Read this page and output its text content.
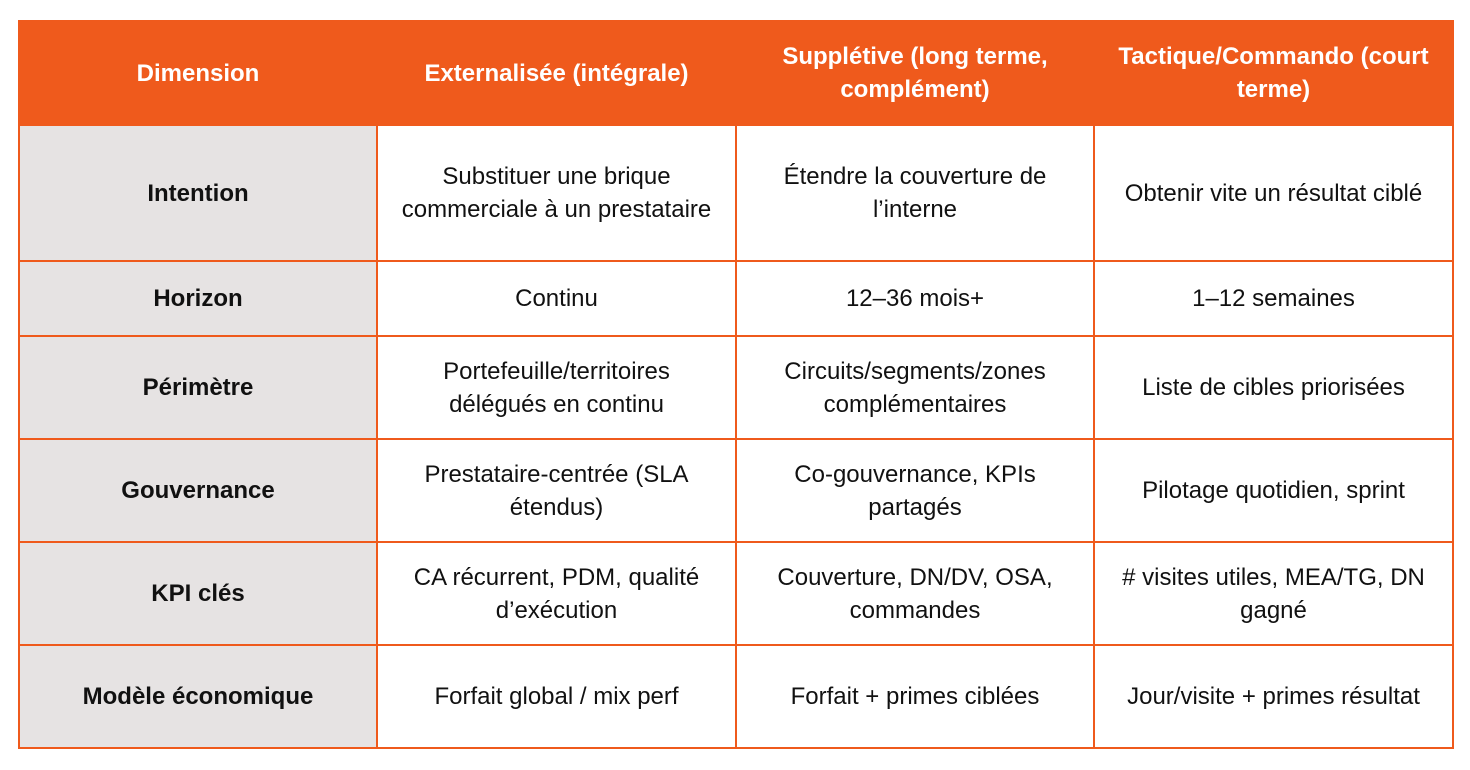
Dimension	Externalisée (intégrale)	Supplétive (long terme, complément)	Tactique/Commando (court terme)
Intention	Substituer une brique commerciale à un prestataire	Étendre la couverture de l’interne	Obtenir vite un résultat ciblé
Horizon	Continu	12–36 mois+	1–12 semaines
Périmètre	Portefeuille/territoires délégués en continu	Circuits/segments/zones complémentaires	Liste de cibles priorisées
Gouvernance	Prestataire-centrée (SLA étendus)	Co-gouvernance, KPIs partagés	Pilotage quotidien, sprint
KPI clés	CA récurrent, PDM, qualité d’exécution	Couverture, DN/DV, OSA, commandes	# visites utiles, MEA/TG, DN gagné
Modèle économique	Forfait global / mix perf	Forfait + primes ciblées	Jour/visite + primes résultat
